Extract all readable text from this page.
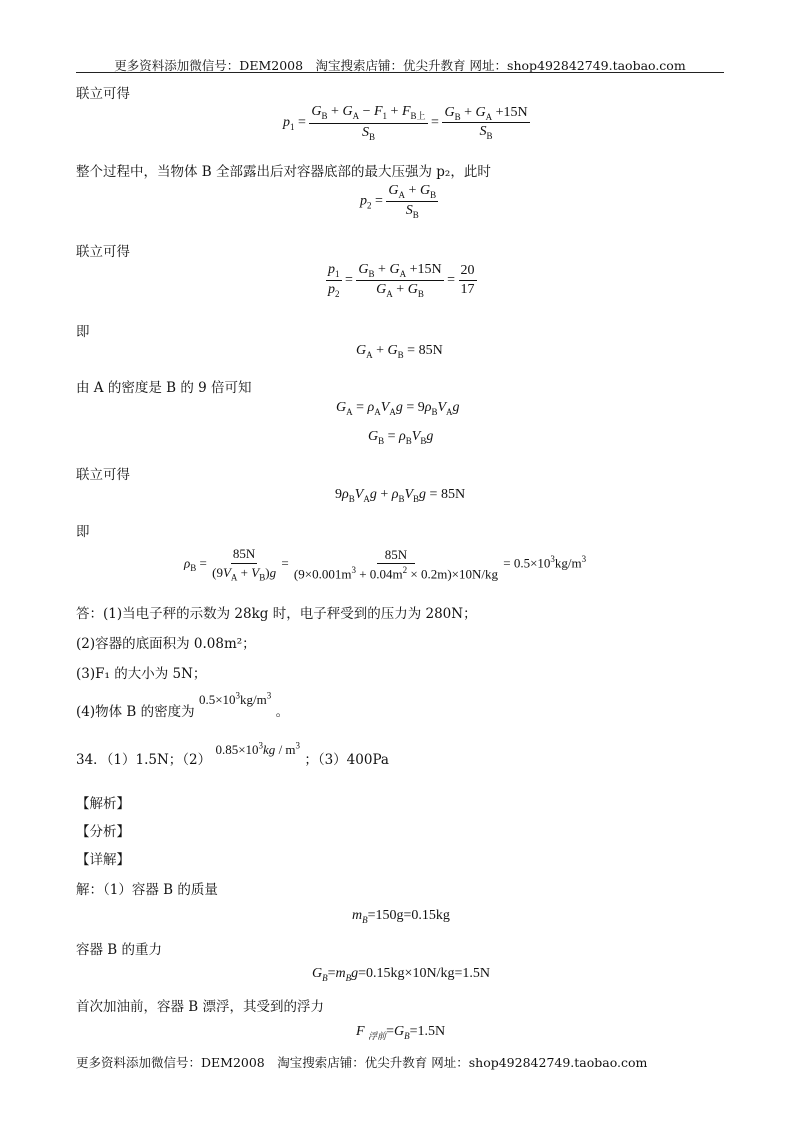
更多资料添加微信号：DEM2008　淘宝搜索店铺：优尖升教育 网址：shop492842749.taobao.com
联立可得
$p_1 = \frac{G_B + G_A - F_1 + F_{B上}}{S_B} = \frac{G_B + G_A +15N}{S_B}$
整个过程中，当物体 B 全部露出后对容器底部的最大压强为 p₂，此时
$p_2 = \frac{G_A + G_B}{S_B}$
联立可得
$\frac{p_1}{p_2} = \frac{G_B + G_A +15N}{G_A + G_B} = \frac{20}{17}$
即
$G_A + G_B = 85N$
由 A 的密度是 B 的 9 倍可知
$G_A = \rho_AV_Ag = 9\rho_BV_Ag$
$G_B = \rho_BV_Bg$
联立可得
$9\rho_BV_Ag + \rho_BV_Bg = 85N$
即
$\rho_B = \frac{85N}{(9V_A + V_B)g} = \frac{85N}{(9\times 0.001m^3 + 0.04m^2 \times 0.2m)\times 10N/kg} = 0.5\times 10^3kg/m^3$
答：(1)当电子秤的示数为 28kg 时，电子秤受到的压力为 280N；
(2)容器的底面积为 0.08m²；
(3)F₁ 的大小为 5N；
(4)物体 B 的密度为 $0.5\times 10^3kg/m^3$ 。
34．（1）1.5N；（2） $0.85\times 10^3kg / m^3$ ；（3）400Pa
【解析】
【分析】
【详解】
解：（1）容器 B 的质量
$m_B=150g=0.15kg$
容器 B 的重力
$G_B=m_Bg=0.15kg\times 10N/kg=1.5N$
首次加油前，容器 B 漂浮，其受到的浮力
F $_{浮前}=G_B=1.5N$
更多资料添加微信号：DEM2008　淘宝搜索店铺：优尖升教育 网址：shop492842749.taobao.com
